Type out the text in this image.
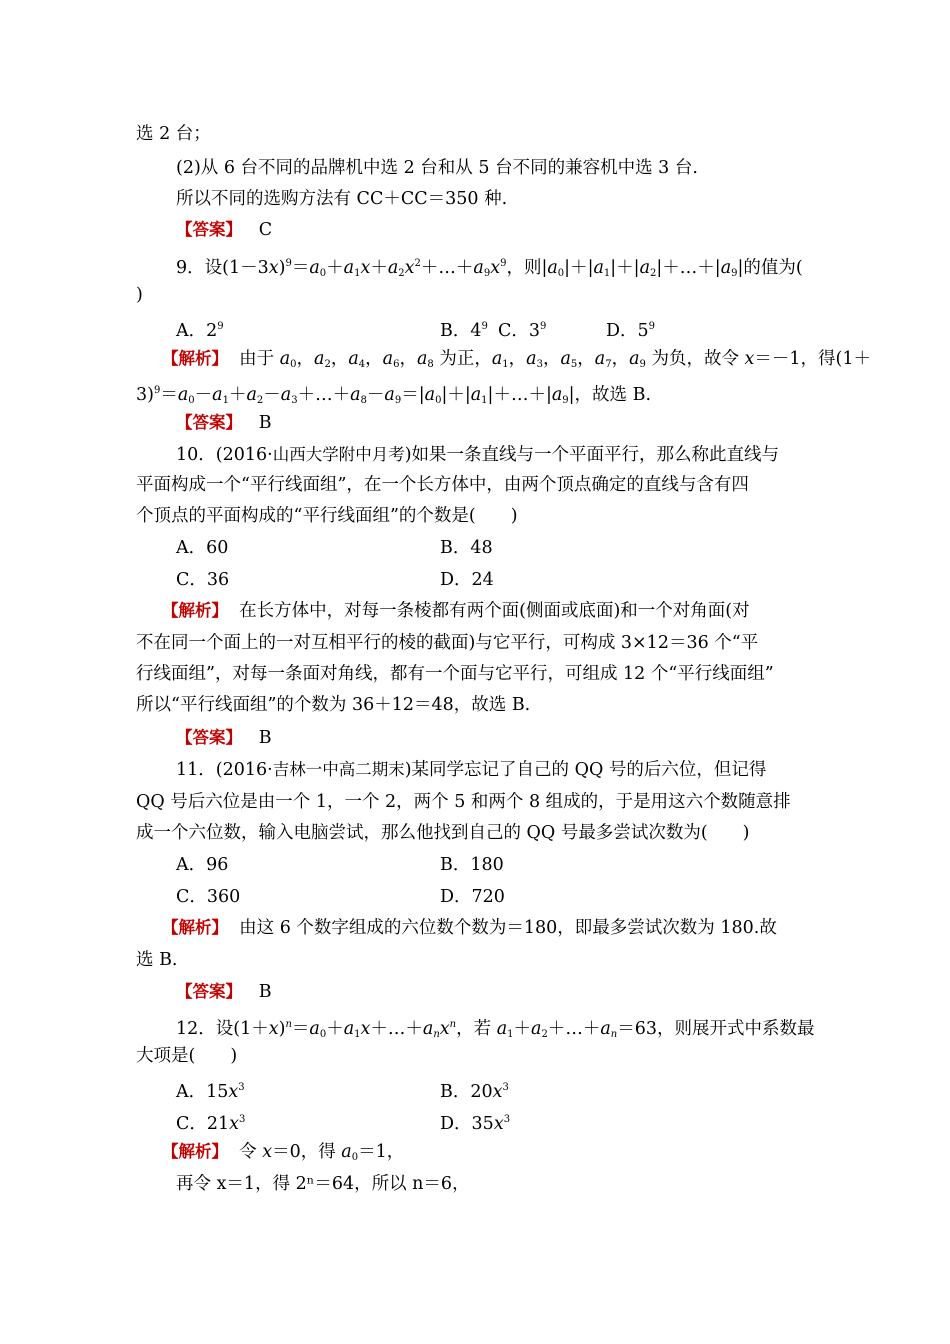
选 2 台；
(2)从 6 台不同的品牌机中选 2 台和从 5 台不同的兼容机中选 3 台.
所以不同的选购方法有 CC＋CC＝350 种.
【答案】 C
9．设$(1-3x)^9=a_0+a_1x+a_2x^2+\dots+a_9x^9$，则$|a_0|+|a_1|+|a_2|+\dots+|a_9|$的值为(
)
A．$2^9$	B．$4^9$ C．$3^9$	D．$5^9$
【解析】  由于 $a_0$，$a_2$，$a_4$，$a_6$，$a_8$ 为正，$a_1$，$a_3$，$a_5$，$a_7$，$a_9$ 为负，故令 x＝－1，得(1＋
$3)^9=a_0-a_1+a_2-a_3+\dots+a_8-a_9=|a_0|+|a_1|+\dots+|a_9|$，故选 B.
【答案】 B
10．(2016·山西大学附中月考)如果一条直线与一个平面平行，那么称此直线与
平面构成一个“平行线面组”，在一个长方体中，由两个顶点确定的直线与含有四
个顶点的平面构成的“平行线面组”的个数是(　　)
A．60	B．48
C．36	D．24
【解析】 在长方体中，对每一条棱都有两个面(侧面或底面)和一个对角面(对
不在同一个面上的一对互相平行的棱的截面)与它平行，可构成 3×12＝36 个“平
行线面组”，对每一条面对角线，都有一个面与它平行，可组成 12 个“平行线面组”
所以“平行线面组”的个数为 36＋12＝48，故选 B.
【答案】 B
11．(2016·吉林一中高二期末)某同学忘记了自己的 QQ 号的后六位，但记得
QQ 号后六位是由一个 1，一个 2，两个 5 和两个 8 组成的，于是用这六个数随意排
成一个六位数，输入电脑尝试，那么他找到自己的 QQ 号最多尝试次数为(　　)
A．96	B．180
C．360	D．720
【解析】 由这 6 个数字组成的六位数个数为＝180，即最多尝试次数为 180.故
选 B.
【答案】 B
12．设$(1+x)^n=a_0+a_1x+\dots+a_nx^n$，若 $a_1+a_2+\dots+a_n=63$，则展开式中系数最
大项是(　　)
A．$15x^3$	B．$20x^3$
C．$21x^3$	D．$35x^3$
【解析】  令 x＝0，得 $a_0=1$，
再令 x＝1，得 2ⁿ＝64，所以 n＝6，
